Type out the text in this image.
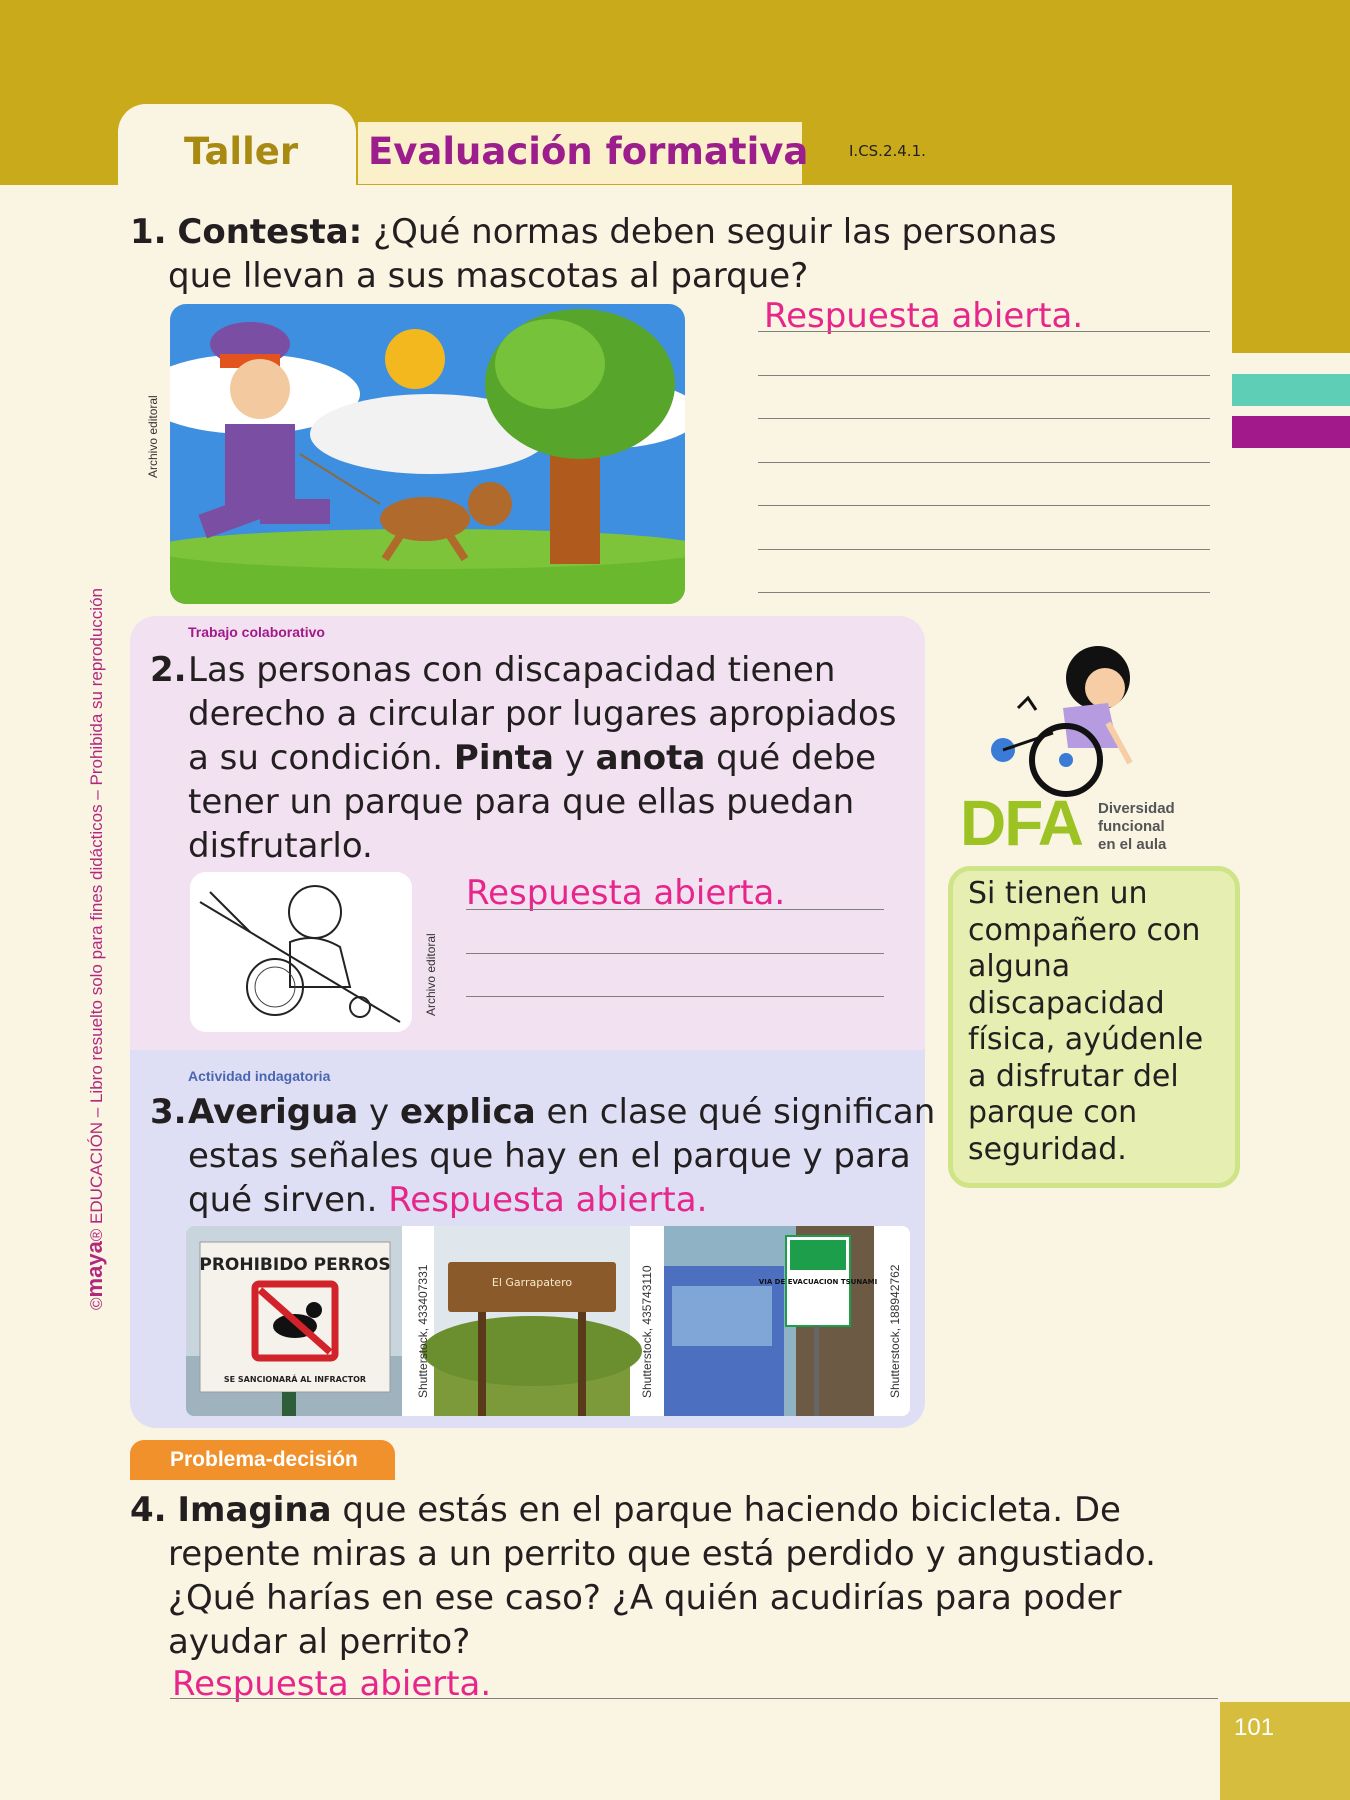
101
Taller Evaluación formativa	I.CS.2.4.1.
©maya® EDUCACIÓN – Libro resuelto solo para fines didácticos – Prohibida su reproducción
1. Contesta: ¿Qué normas deben seguir las personas que llevan a sus mascotas al parque?
Archivo editoral
Respuesta abierta.
Trabajo colaborativo
2. Las personas con discapacidad tienen derecho a circular por lugares apropiados a su condición. Pinta y anota qué debe tener un parque para que ellas puedan disfrutarlo.
Archivo editoral
Respuesta abierta.
Actividad indagatoria
3. Averigua y explica en clase qué significan estas señales que hay en el parque y para qué sirven. Respuesta abierta.
PROHIBIDO PERROS
SE SANCIONARÁ AL INFRACTOR
El Garrapatero	VIA DE EVACUACION TSUNAMI
Shutterstock, 433407331	Shutterstock, 435743110	Shutterstock, 188942762
DFA Diversidad
funcional
en el aula
Si tienen un compañero con alguna discapacidad física, ayúdenle a disfrutar del parque con seguridad.
Problema-decisión
4. Imagina que estás en el parque haciendo bicicleta. De repente miras a un perrito que está perdido y angustiado. ¿Qué harías en ese caso? ¿A quién acudirías para poder ayudar al perrito?
Respuesta abierta.
